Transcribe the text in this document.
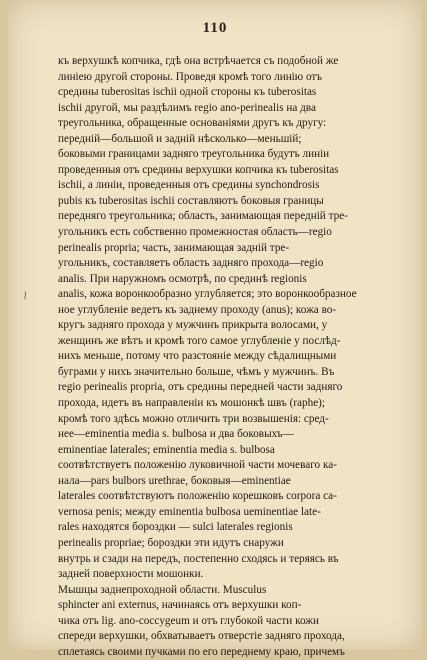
110
⁓
къ верхушкѣ копчика, гдѣ она встрѣчается съ подобной же
линiею другой стороны. Проведя кромѣ того линiю отъ
средины tuberositas ischii одной стороны къ tuberositas
ischii другой, мы раздѣлимъ regio ano-perinealis на два
треугольника, обращенные основанiями другъ къ другу:
передній—большой и задній нѣсколько—меньшій;
боковыми границами задняго треугольника будутъ линіи
проведенныя отъ средины верхушки копчика къ tuberositas
ischii, а линіи, проведенныя отъ средины synchondrosis
pubis къ tuberositas ischii составляютъ боковыя границы
передняго треугольника; область, занимающая передній тре-
угольникъ есть собственно промежностая область—regio
perinealis propria; часть, занимающая задній тре-
угольникъ, составляетъ область задняго прохода—regio
analis. При наружномъ осмотрѣ, по срединѣ regionis
analis, кожа воронкообразно углубляется; это воронкообразное
ное углубленіе ведетъ къ заднему проходу (anus); кожа во-
кругъ задняго прохода у мужчинъ прикрыта волосами, у
женщинъ же вѣтъ и кромѣ того самое углубленіе у послѣд-
нихъ меньше, потому что разстояніе между сѣдалищными
буграми у нихъ значительно больше, чѣмъ у мужчинъ. Въ
regio perinealis propria, отъ средины передней части задняго
прохода, идетъ въ направленіи къ мошонкѣ швъ (raphe);
кромѣ того здѣсь можно отличить три возвышенія: сред-
нее—eminentia media s. bulbosa и два боковыхъ—
eminentiae laterales; eminentia media s. bulbosa
соотвѣтствуетъ положенію луковичной части мочеваго ка-
нала—pars bulbors urethrae, боковыя—eminentiae
laterales соотвѣтствуютъ положенію корешковъ corpora ca-
vernosa penis; между eminentia bulbosa ueminentiae late-
rales находятся бороздки — sulci laterales regionis
perinealis propriae; бороздки эти идутъ снаружи
внутрь и сзади на передъ, постепенно сходясь и теряясь въ
задней поверхности мошонки.
Мышцы заднепроходной области. Musculus
sphincter ani externus, начинаясь отъ верхушки коп-
чика отъ lig. ano-coccygeum и отъ глубокой части кожи
спереди верхушки, обхватываетъ отверстіе задняго прохода,
сплетаясь своими пучками по его переднему краю, причемъ
